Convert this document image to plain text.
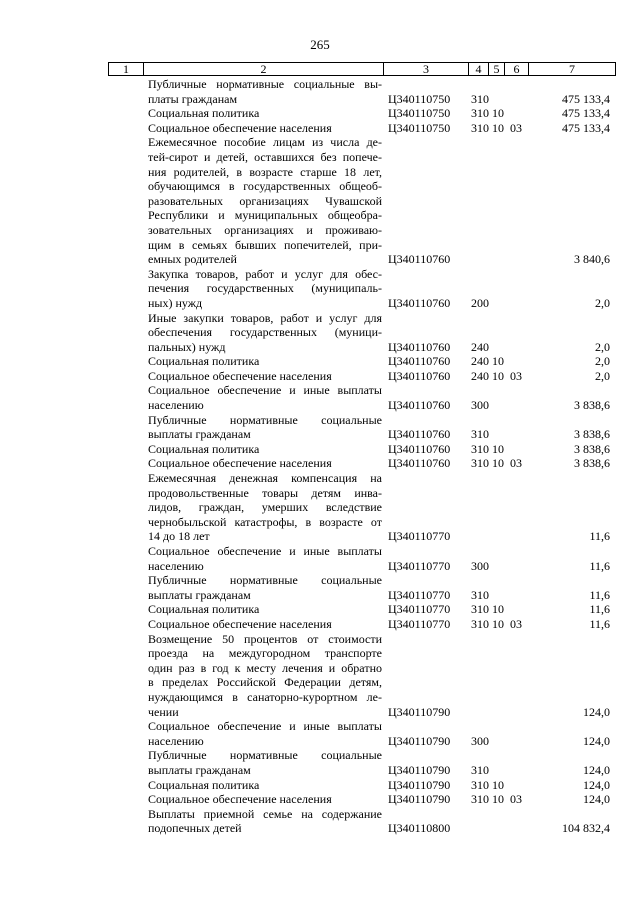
265
1	2	3	4	5	6	7
Публичные нормативные социальные вы-
платы гражданам	Ц340110750 310	475 133,4
Социальная политика	Ц340110750 310 10	475 133,4
Социальное обеспечение населения	Ц340110750 310 10 03	475 133,4
Ежемесячное пособие лицам из числа де-
тей-сирот и детей, оставшихся без попече-
ния родителей, в возрасте старше 18 лет,
обучающимся в государственных общеоб-
разовательных организациях Чувашской
Республики и муниципальных общеобра-
зовательных организациях и проживаю-
щим в семьях бывших попечителей, при-
емных родителей	Ц340110760	3 840,6
Закупка товаров, работ и услуг для обес-
печения государственных (муниципаль-
ных) нужд	Ц340110760 200	2,0
Иные закупки товаров, работ и услуг для
обеспечения государственных (муници-
пальных) нужд	Ц340110760 240	2,0
Социальная политика	Ц340110760 240 10	2,0
Социальное обеспечение населения	Ц340110760 240 10 03	2,0
Социальное обеспечение и иные выплаты
населению	Ц340110760 300	3 838,6
Публичные нормативные социальные
выплаты гражданам	Ц340110760 310	3 838,6
Социальная политика	Ц340110760 310 10	3 838,6
Социальное обеспечение населения	Ц340110760 310 10 03	3 838,6
Ежемесячная денежная компенсация на
продовольственные товары детям инва-
лидов, граждан, умерших вследствие
чернобыльской катастрофы, в возрасте от
14 до 18 лет	Ц340110770	11,6
Социальное обеспечение и иные выплаты
населению	Ц340110770 300	11,6
Публичные нормативные социальные
выплаты гражданам	Ц340110770 310	11,6
Социальная политика	Ц340110770 310 10	11,6
Социальное обеспечение населения	Ц340110770 310 10 03	11,6
Возмещение 50 процентов от стоимости
проезда на междугородном транспорте
один раз в год к месту лечения и обратно
в пределах Российской Федерации детям,
нуждающимся в санаторно-курортном ле-
чении	Ц340110790	124,0
Социальное обеспечение и иные выплаты
населению	Ц340110790 300	124,0
Публичные нормативные социальные
выплаты гражданам	Ц340110790 310	124,0
Социальная политика	Ц340110790 310 10	124,0
Социальное обеспечение населения	Ц340110790 310 10 03	124,0
Выплаты приемной семье на содержание
подопечных детей	Ц340110800	104 832,4
